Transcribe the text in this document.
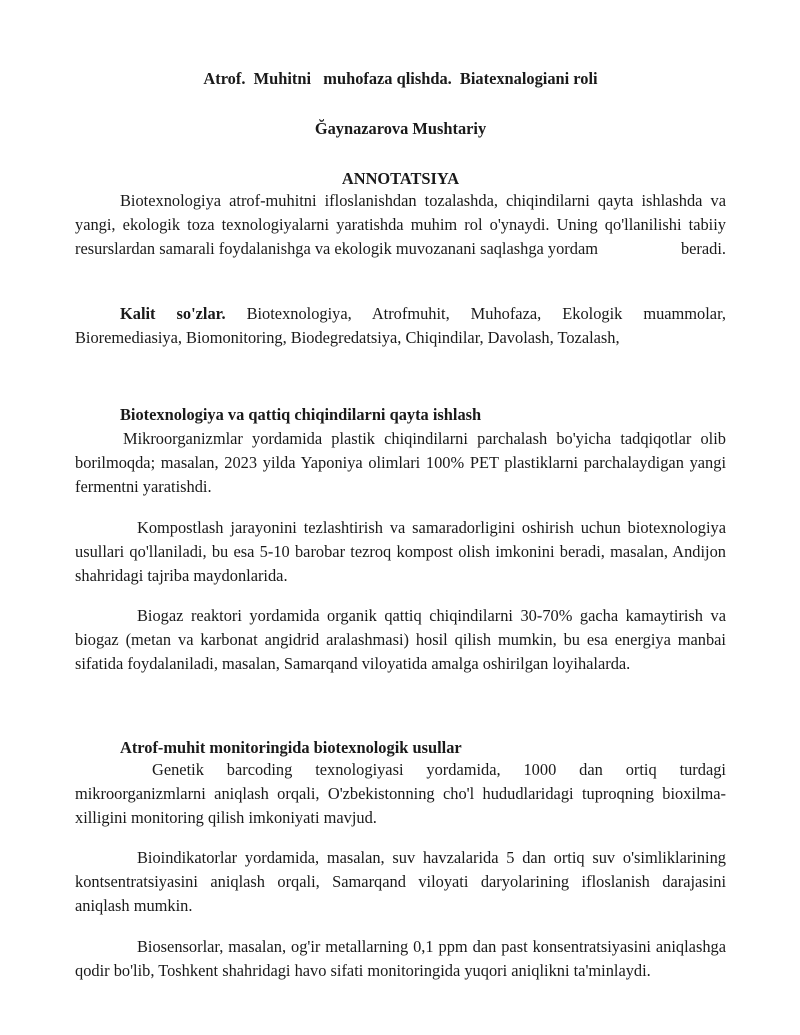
Atrof.  Muhitni   muhofaza qlishda.  Biatexnalogiani roli

Ğaynazarova Mushtariy

ANNOTATSIYA

Biotexnologiya atrof-muhitni ifloslanishdan tozalashda, chiqindilarni qayta ishlashda va yangi, ekologik toza texnologiyalarni yaratishda muhim rol o'ynaydi. Uning qo'llanilishi tabiiy resurslardan samarali foydalanishga va ekologik muvozanani saqlashga yordam	beradi.

Kalit so'zlar. Biotexnologiya, Atrofmuhit, Muhofaza, Ekologik muammolar, Bioremediasiya, Biomonitoring, Biodegredatsiya, Chiqindilar, Davolash, Tozalash,

Biotexnologiya va qattiq chiqindilarni qayta ishlash

Mikroorganizmlar yordamida plastik chiqindilarni parchalash bo'yicha tadqiqotlar olib borilmoqda; masalan, 2023 yilda Yaponiya olimlari 100% PET plastiklarni parchalaydigan yangi fermentni yaratishdi.

Kompostlash jarayonini tezlashtirish va samaradorligini oshirish uchun biotexnologiya usullari qo'llaniladi, bu esa 5-10 barobar tezroq kompost olish imkonini beradi, masalan, Andijon shahridagi tajriba maydonlarida.

Biogaz reaktori yordamida organik qattiq chiqindilarni 30-70% gacha kamaytirish va biogaz (metan va karbonat angidrid aralashmasi) hosil qilish mumkin, bu esa energiya manbai sifatida foydalaniladi, masalan, Samarqand viloyatida amalga oshirilgan loyihalarda.

Atrof-muhit monitoringida biotexnologik usullar

Genetik barcoding texnologiyasi yordamida, 1000 dan ortiq turdagi mikroorganizmlarni aniqlash orqali, O'zbekistonning cho'l hududlaridagi tuproqning bioxilma-xilligini monitoring qilish imkoniyati mavjud.

Bioindikatorlar yordamida, masalan, suv havzalarida 5 dan ortiq suv o'simliklarining kontsentratsiyasini aniqlash orqali, Samarqand viloyati daryolarining ifloslanish darajasini aniqlash mumkin.

Biosensorlar, masalan, og'ir metallarning 0,1 ppm dan past konsentratsiyasini aniqlashga qodir bo'lib, Toshkent shahridagi havo sifati monitoringida yuqori aniqlikni ta'minlaydi.
